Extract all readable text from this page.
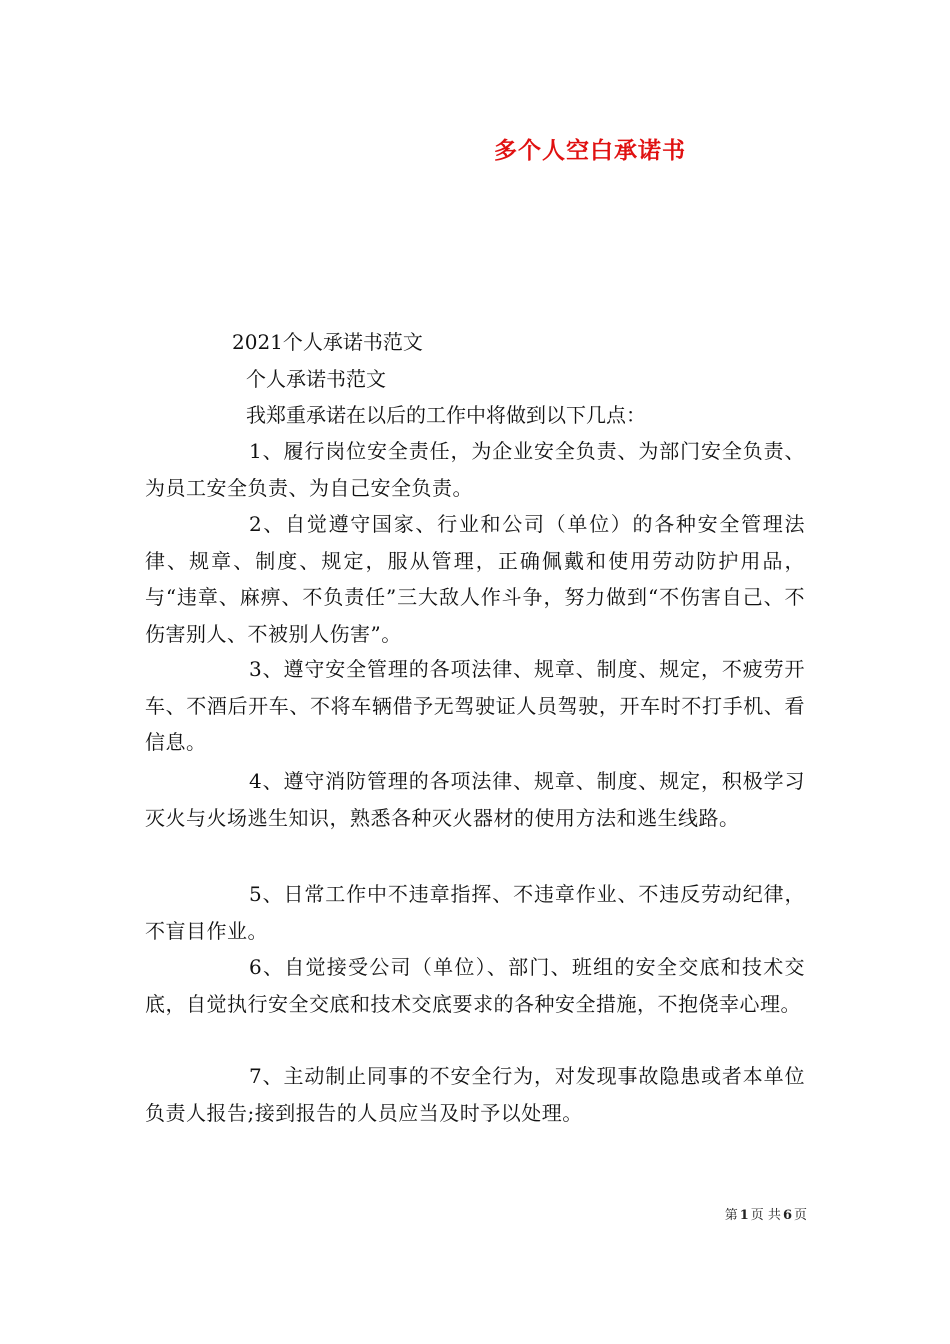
多个人空白承诺书
2021个人承诺书范文
个人承诺书范文
我郑重承诺在以后的工作中将做到以下几点：
1、履行岗位安全责任，为企业安全负责、为部门安全负责、为员工安全负责、为自己安全负责。
2、自觉遵守国家、行业和公司（单位）的各种安全管理法律、规章、制度、规定，服从管理，正确佩戴和使用劳动防护用品，与“违章、麻痹、不负责任”三大敌人作斗争，努力做到“不伤害自己、不伤害别人、不被别人伤害”。
3、遵守安全管理的各项法律、规章、制度、规定，不疲劳开车、不酒后开车、不将车辆借予无驾驶证人员驾驶，开车时不打手机、看信息。
4、遵守消防管理的各项法律、规章、制度、规定，积极学习灭火与火场逃生知识，熟悉各种灭火器材的使用方法和逃生线路。
5、日常工作中不违章指挥、不违章作业、不违反劳动纪律，不盲目作业。
6、自觉接受公司（单位）、部门、班组的安全交底和技术交底，自觉执行安全交底和技术交底要求的各种安全措施，不抱侥幸心理。
7、主动制止同事的不安全行为，对发现事故隐患或者本单位负责人报告;接到报告的人员应当及时予以处理。
第 1 页 共 6 页
